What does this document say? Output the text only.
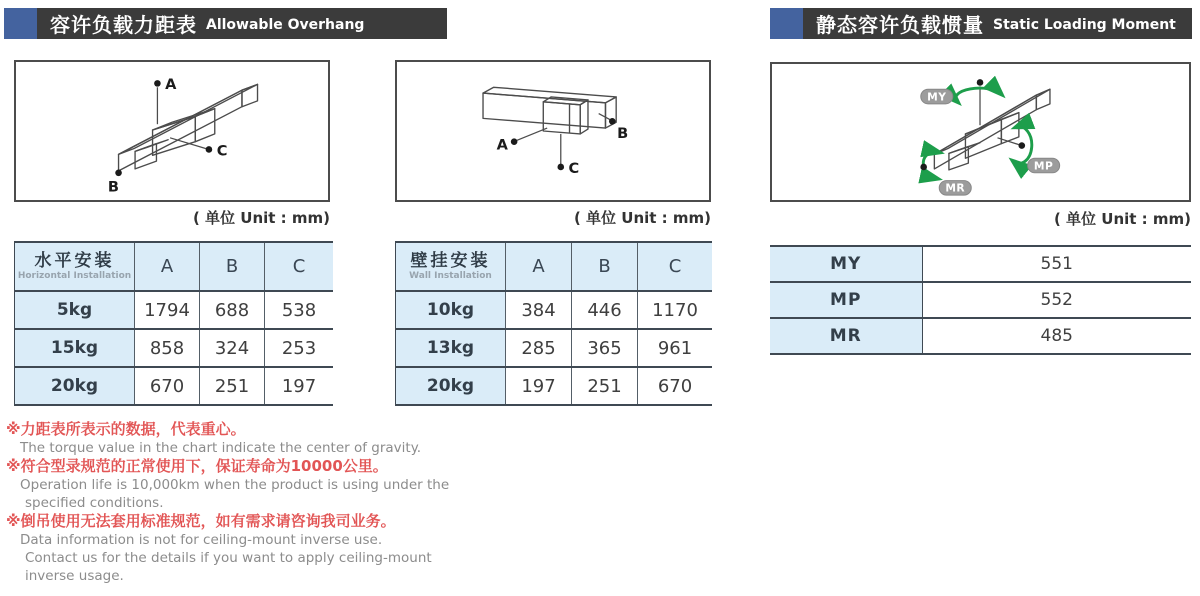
容许负载力距表 Allowable Overhang	静态容许负载惯量 Static Loading Moment
A
C
B
( 单位 Unit : mm)
A
B
C
( 单位 Unit : mm)
MY
MP
MR
( 单位 Unit : mm)
水平安装
Horizontal Installation	A	B	C
5kg	1794	688	538
15kg	858	324	253
20kg	670	251	197
壁挂安装
Wall Installation	A	B	C
10kg	384	446	1170
13kg	285	365	961
20kg	197	251	670
MY	551
MP	552
MR	485
※力距表所表示的数据，代表重心。
The torque value in the chart indicate the center of gravity.
※符合型录规范的正常使用下，保证寿命为10000公里。
Operation life is 10,000km when the product is using under the
specified conditions.
※倒吊使用无法套用标准规范，如有需求请咨询我司业务。
Data information is not for ceiling-mount inverse use.
Contact us for the details if you want to apply ceiling-mount
inverse usage.
